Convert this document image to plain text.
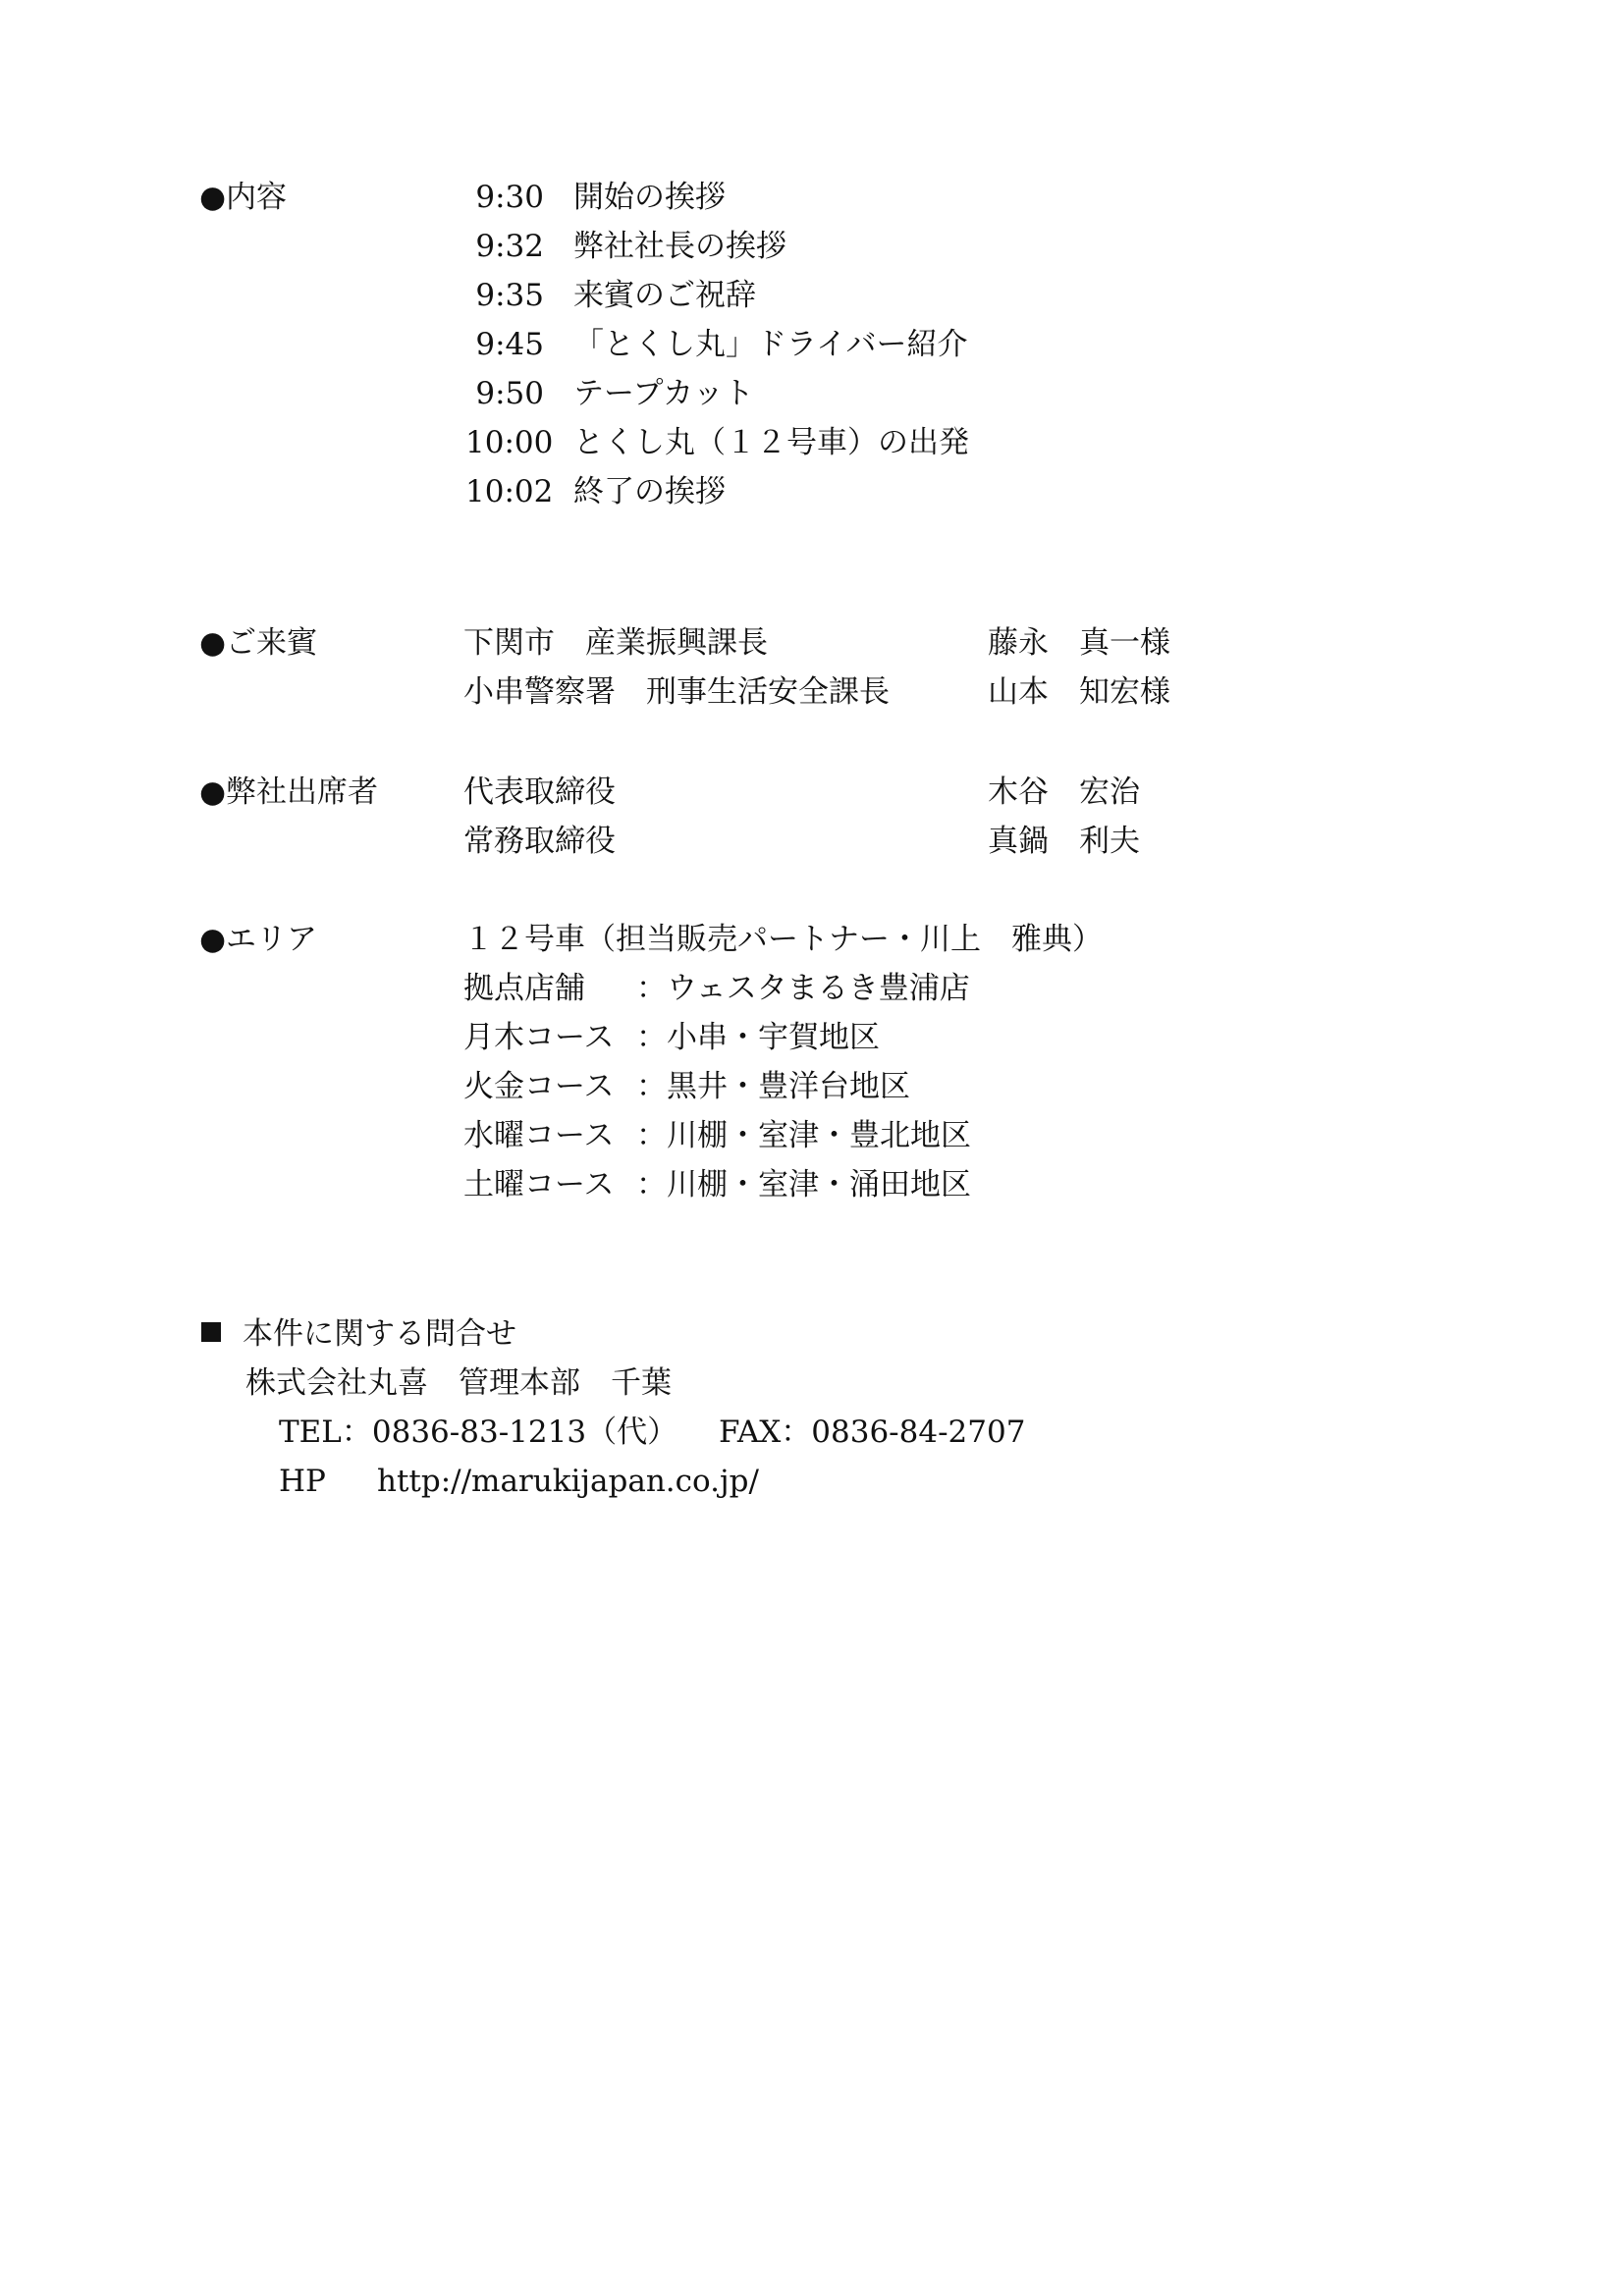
●内容	9:30 開始の挨拶
9:32 弊社社長の挨拶
9:35 来賓のご祝辞
9:45 「とくし丸」ドライバー紹介
9:50 テープカット
10:00 とくし丸（１２号車）の出発
10:02 終了の挨拶
●ご来賓	下関市　産業振興課長	藤永　真一様
小串警察署　刑事生活安全課長	山本　知宏様
●弊社出席者	代表取締役	木谷　宏治
常務取締役	真鍋　利夫
●エリア	１２号車（担当販売パートナー・川上　雅典）
拠点店舗 ：ウェスタまるき豊浦店
月木コース ：小串・宇賀地区
火金コース ：黒井・豊洋台地区
水曜コース ：川棚・室津・豊北地区
土曜コース ：川棚・室津・涌田地区
本件に関する問合せ
株式会社丸喜　管理本部　千葉
TEL：0836-83-1213（代） FAX：0836-84-2707
HP http://marukijapan.co.jp/
